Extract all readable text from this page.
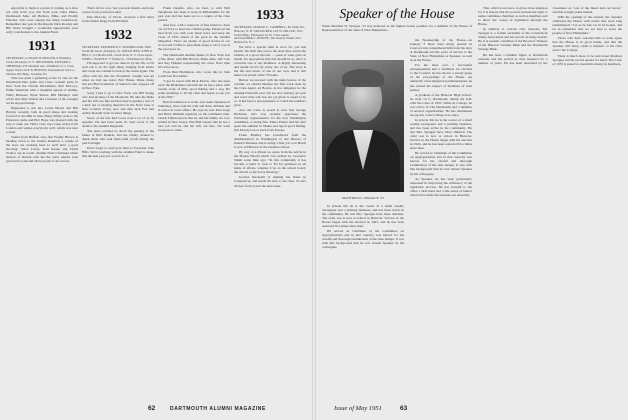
enjoyable to them to receive it coming as it does not only from you, but from your Class Mates, Dartmouth Men. All Barbara, Mike, and Freddy Fletcher, who were among the many benefactors. Remember last year in Dartmouth, Dick Rowley and Bill Stone brought a wonderful appreciation your early contribution to the Alumni Fund.

1931

SECRETARY, A. FRANCIS ZIEGLER, 8 Wellesley Circle, Brooklyn, N. Y. TREASURER, EDWARD L. SHERMAN, 250 Sherman Ave., Plainfield, N. J. Class Agent, WALLACE B. BENSON, International Salt Co., Stratton Life Bldg., Scranton, Pa.

This was quite a gathering of the 31 clan for the Dartmouth-Yale game and Class cocktail party in New York the Charlie McAllisters, Bob McCoys, Eddie Shermans with a beautiful spread of shrimp, Wally Bensons, Hyde Shaws, Bill Murphys with wives and other friends and a turnout of the younger set all enjoyed things.

Happened to run into Lewis Moore and Bill Hartley recently, both in good shape and looking forward to the 20th in June. Harry Sibley went to the Princeton game and Bob Hope was pleased with the way it came out. Harry Gray says Lang writes from London and wishes everybody well, which was nice to hear.

Sound from Buffalo says that Freddy Brown is heading down to the Atlanta Reunion; a couple of the boys are working hard so we'll have a good showing. Steve Lewis, Tom Keane and Chick Trainor are in touch. Alumni Fund Chairman Ozzie Nelson of Detroit tells me the early returns look good and we should all be proud of our record.

That's all for now. See you next month, and hope to hear from you before then.

Pete McCabe, of Dover, received a fine letter from Gilbert Rugg from Pittsfield.

1932

SECRETARY, FREDERICK V. SUNDERLAND, 3939 North 4th Street, Arlington, Va. TREASURER, JOHN R. HILLS, 114 Bedford Rd., Great Neck, N. Y. Class Agent, JOHN C. HARVEY, 77 Walnut St., Williamstown, Mass.

I'm supposed to get our dues in by the 5th, so I'll start out to do the right thing. Judging from letters and cards our column is back at the wheel again. The office tells me that the November column was set when we had one letter, Bob Tinker, Dixie, many Zip and Bud Scammon of Sanborn who stopped off in New York.

Sorry I had to go to New York, saw Bill Young who had pictures of the Mountain. He tells me Duke and his wife are fine and that they're getting a sort of a kick out of playing detective in the Navy base at New London. Every now and then Jack Fox and Arthur Rozzell write in about things.

News of the late Red Lowe took a lot of us by surprise. He had been quite ill. Sent word of his death to the Alumni Magazine.

The news reached us about the passing of the father of Bob Daniels, and the family wished to thank those who sent them kind words during the past fortnight.

Don't forget to send your dues to Treasurer John Hills. We're working with the Alumni Fund to make this the best year yet, so let's do it.

Frank Daniels, who, we hear, is with Bell Telephone, has been at work in Philadelphia for the past year and has been out to a couple of the class parties.

And now, with a reservoir of fine letters to draw on, we'll try to keep the column going. Please let me hear from you with your latest news and keep the Class of 1932 ahead of the pack in the Alumni Magazine. There are plenty of good stories in our crowd and I'd like to pass them along to all of you as the year goes on.

The Dartmouth Alumni dinner in New York was a fine affair, with Bill Bowen, Hank Ashe, Jeff Cole and Ray Holmes representing the class. Next time let's have more.

From Bud Haddleton, who wrote this in John Coller last November:

"I got in touch with Dick Morris, who has been up in the Berkshires and tells me he has a place with twenty acres of hills, good fishing and a dog. He sends greetings to all the class and hopes to see you at the 20th."

Harold Anderson is in the real estate business in Wellesley, lives with his wife and three children and is active in town affairs. He says he sees Paul Gage and Harry Kimball regularly on the commuter train. Chuck Tilden reports that he and his family are now settled in New Jersey. Win Hall reports that he has a new job and he and his wife are fine. We want everyone to write.

1933

SECRETARY, GEORGE C. CAMPBELL, 60 Valley Rd., Hanover, N. H. TREASURER, JAY W. MILLER, 1612 Union Bldg., Pittsburgh 19, Pa. Class Agent, ALEXANDER C. BOWNE, The Sunday Weeks, New Brunswick, N. J.

We have a special item in store for you this month. We shall take you to the lead, deal, and in the fashion of a good reporter — peek at what goes on inside. It's appropriate that this should be so, since it concerns one of our members. A highly interesting and useful record for every one of us. The story is the life and career of one of our own, and it will make you proud of the '33 name.

Before we proceed with the main feature of the column, we should mention the fine work done by the Class Agent, Al Bowne, in his campaign for the Alumni Fund this year. We are now nearing our goal and every man who has not yet given is urged to do so. It has been a great pleasure to watch the numbers grow.

Also the Class is proud to note that George Hedwick, who was recently appointed the University representative for the new Washington committee, is doing fine. Elmer Parker and his wife spent the summer in Maine and report good fishing. Jim Moody is now back from Europe.

Frank Bradley has transferred from the administration in Washington to the Bureau of Internal Revenue and is doing a fine job. Lou Hatch is now in Hanover at the business school.

By way of a tribute we quote from the article in the Boston Herald which was written by Lawrence Smith some time ago: "In this community it has become a habit to look to Ed for guidance in all kinds of affairs, whether it be on the school board, the church or the Town Meeting."

Gordon Ruckstell is making his home in Connecticut, and sends his best to the class. So let's all hear from you in the next issue.

62	DARTMOUTH ALUMNI MAGAZINE
Speaker of the House

When Manfred D. Spraguе '33 was inducted as the highest house possible for a member of the House of Representatives of the State of New Hampshire—

the Speakership of the House—on January 3 there were many present in Concord who remembered him from his days at Dartmouth and his years of service to the State of New Hampshire as Speaker, as well as in the House.

For the most part, a successful newspaperman and a candidate for election to the Council, he has shown a steady grasp of the proceedings of the House. An unusually even-tempered parliamentarian, he has earned the respect of members of both parties.

A graduate of the Hanover High School, he went on to Dartmouth, taking his A.B. with the Class of 1933. While in College, he was active in The Dartmouth and a member of several organizations. He has maintained strong ties to the College ever since.

In private life he is the owner of a small weekly newspaper and a printing business, and has been active in the community. He and Mrs. Sprague have three children. The older son is now at school in Hanover. Service in the House began with his election in 1943, and he has been reelected five times since then.

He served as Chairman of the Committee on Appropriations and in that capacity was known for his careful and thorough examination of the state budget. It was with this background that he was chosen Speaker by his colleagues.

As Speaker, he has been particularly interested in improving the efficiency of the legislative process. He has brought to the office a firm hand and a fine sense of humor which have made the sessions run smoothly.

MANFRED D. SPRAGUE '33

In private life he is the owner of a small weekly newspaper and a printing business, and has been active in the community. He and Mrs. Sprague have three children. The older son is now at school in Hanover. Service in the House began with his election in 1943, and he has been reelected five times since then.

He served as Chairman of the Committee on Appropriations and in that capacity was known for his careful and thorough examination of the state budget. It was with this background that he was chosen Speaker by his colleagues.

That, which is not nice, is given close attention for it is known that his powers include the right to name committee chairmen as well as members and to direct the course of legislation through the House.

In addition to various civic interests, Mr. Sprague is a former president of the Connecticut Valley Association and has served on many boards. He is at present a member of the Board of Trustees of the Hanover Savings Bank and the Dartmouth Savings Bank.

He has been a familiar figure at Dartmouth reunions and has served as class treasurer for a number of years. He has been described by his classmates as "one of the finest men we know," and that is high praise indeed.

With the opening of the session, the Speaker addressed the House with words that were long remembered: "Let us be fair, let us be honest, and let us remember that we are here to serve the people of New Hampshire."

Those who have watched him at work agree that the House is in good hands, and that the Speaker will bring credit to himself, to his class and to the College.

There is much more to be said about Manfred Sprague, but his record speaks for itself. The Class of 1933 is proud to count him among its members.

Issue of May 1951	63
